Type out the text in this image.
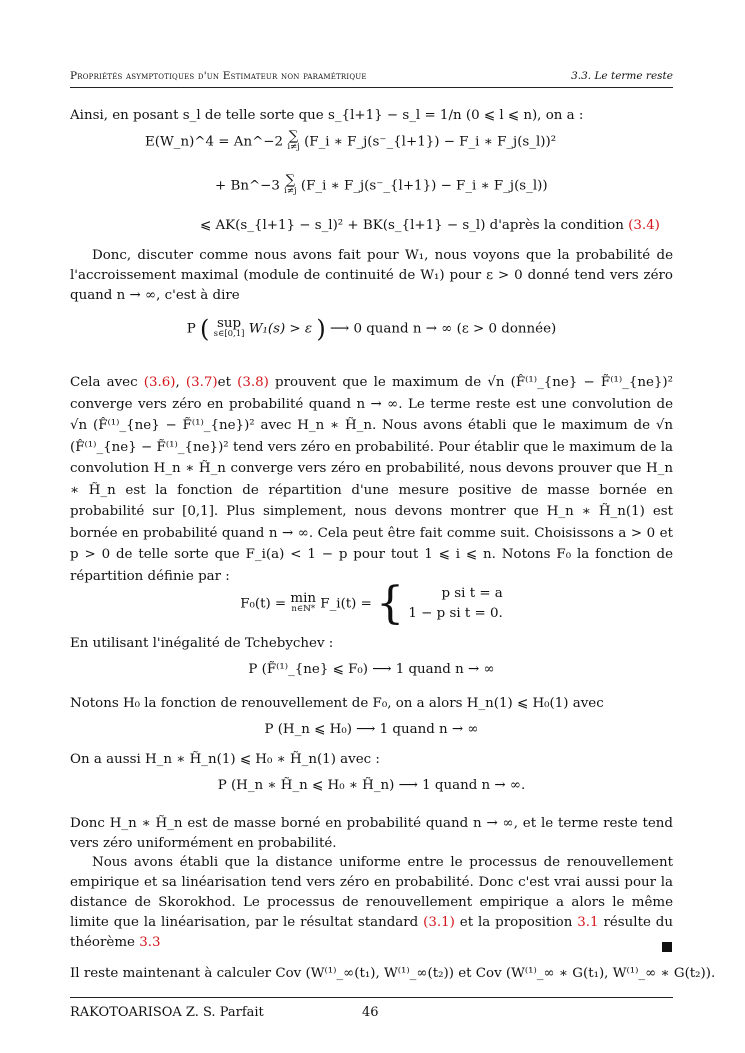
Propriétés asymptotiques d'un Estimateur non paramétrique	3.3. Le terme reste
Ainsi, en posant s_l de telle sorte que s_{l+1} − s_l = 1/n (0 ⩽ l ⩽ n), on a :
E(W_n)^4 = An^−2 ∑
i≠j (F_i ∗ F_j(s⁻_{l+1}) − F_i ∗ F_j(s_l))²
+ Bn^−3 ∑
i≠j (F_i ∗ F_j(s⁻_{l+1}) − F_i ∗ F_j(s_l))
⩽ AK(s_{l+1} − s_l)² + BK(s_{l+1} − s_l) d'après la condition (3.4)
Donc, discuter comme nous avons fait pour W₁, nous voyons que la probabilité de l'accroissement maximal (module de continuité de W₁) pour ε > 0 donné tend vers zéro quand n → ∞, c'est à dire
P ( sup
s∈[0,1] W₁(s) > ε ) ⟶ 0 quand n → ∞ (ε > 0 donnée)
Cela avec (3.6), (3.7)et (3.8) prouvent que le maximum de √n (F̂⁽¹⁾_{ne} − F̃⁽¹⁾_{ne})² converge vers zéro en probabilité quand n → ∞. Le terme reste est une convolution de √n (F̂⁽¹⁾_{ne} − F̃⁽¹⁾_{ne})² avec H_n ∗ H̃_n. Nous avons établi que le maximum de √n (F̂⁽¹⁾_{ne} − F̃⁽¹⁾_{ne})² tend vers zéro en probabilité. Pour établir que le maximum de la convolution H_n ∗ H̃_n converge vers zéro en probabilité, nous devons prouver que H_n ∗ H̃_n est la fonction de répartition d'une mesure positive de masse bornée en probabilité sur [0,1]. Plus simplement, nous devons montrer que H_n ∗ H̃_n(1) est bornée en probabilité quand n → ∞. Cela peut être fait comme suit. Choisissons a > 0 et p > 0 de telle sorte que F_i(a) < 1 − p pour tout 1 ⩽ i ⩽ n. Notons F₀ la fonction de répartition définie par :
F₀(t) = min
n∈ℕ* F_i(t) = {	p si t = a
1 − p si t = 0.
En utilisant l'inégalité de Tchebychev :
P (F̃⁽¹⁾_{ne} ⩽ F₀) ⟶ 1 quand n → ∞
Notons H₀ la fonction de renouvellement de F₀, on a alors H_n(1) ⩽ H₀(1) avec
P (H_n ⩽ H₀) ⟶ 1 quand n → ∞
On a aussi H_n ∗ H̃_n(1) ⩽ H₀ ∗ H̃_n(1) avec :
P (H_n ∗ H̃_n ⩽ H₀ ∗ H̃_n) ⟶ 1 quand n → ∞.
Donc H_n ∗ H̃_n est de masse borné en probabilité quand n → ∞, et le terme reste tend vers zéro uniformément en probabilité.
Nous avons établi que la distance uniforme entre le processus de renouvellement empirique et sa linéarisation tend vers zéro en probabilité. Donc c'est vrai aussi pour la distance de Skorokhod. Le processus de renouvellement empirique a alors le même limite que la linéarisation, par le résultat standard (3.1) et la proposition 3.1 résulte du théorème 3.3
Il reste maintenant à calculer Cov (W⁽¹⁾_∞(t₁), W⁽¹⁾_∞(t₂)) et Cov (W⁽¹⁾_∞ ∗ G(t₁), W⁽¹⁾_∞ ∗ G(t₂)).
RAKOTOARISOA Z. S. Parfait	46
